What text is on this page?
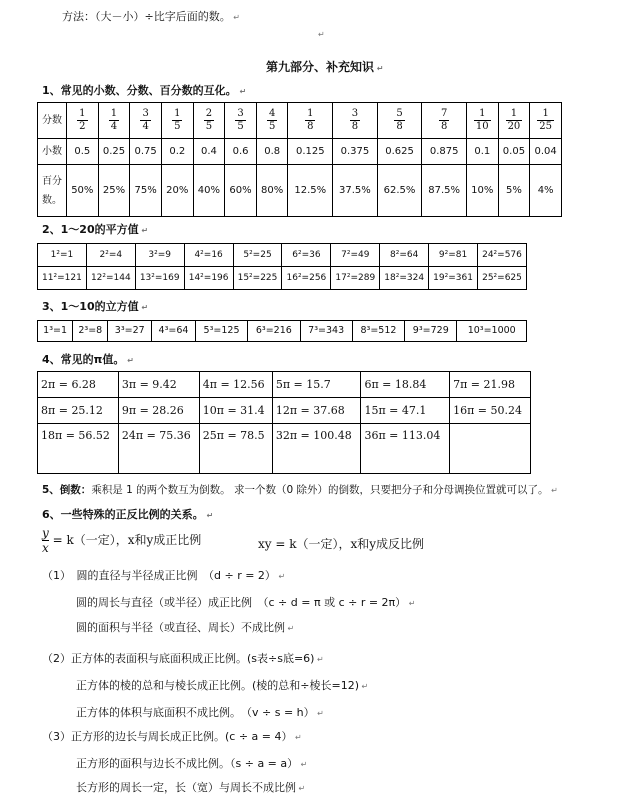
方法：（大－小）÷比字后面的数。 ↵
↵
第九部分、补充知识 ↵
1、常见的小数、分数、百分数的互化。 ↵
分数	$\frac{1}{2}$	$\frac{1}{4}$	$\frac{3}{4}$	$\frac{1}{5}$	$\frac{2}{5}$	$\frac{3}{5}$	$\frac{4}{5}$	$\frac{1}{8}$	$\frac{3}{8}$	$\frac{5}{8}$	$\frac{7}{8}$	$\frac{1}{10}$	$\frac{1}{20}$	$\frac{1}{25}$

小数	0.5	0.25	0.75	0.2	0.4	0.6	0.8	0.125	0.375	0.625	0.875	0.1	0.05	0.04
百分
数。	50%	25%	75%	20%	40%	60%	80%	12.5%	37.5%	62.5%	87.5%	10%	5%	4%
2、1～20的平方值 ↵
1²=1	2²=4	3²=9	4²=16	5²=25	6²=36	7²=49	8²=64	9²=81	24²=576
11²=121	12²=144	13²=169	14²=196	15²=225	16²=256	17²=289	18²=324	19²=361	25²=625
3、1～10的立方值 ↵
1³=1	2³=8	3³=27	4³=64	5³=125	6³=216	7³=343	8³=512	9³=729	10³=1000
4、常见的π值。 ↵
2π = 6.28	3π = 9.42	4π = 12.56	5π = 15.7	6π = 18.84	7π = 21.98
8π = 25.12	9π = 28.26	10π = 31.4	12π = 37.68	15π = 47.1	16π = 50.24
18π = 56.52	24π = 75.36	25π = 78.5	32π = 100.48	36π = 113.04	
5、倒数：乘积是 1 的两个数互为倒数。 求一个数（0 除外）的倒数，只要把分子和分母调换位置就可以了。 ↵
6、一些特殊的正反比例的关系。 ↵
$\frac{y}{x} = k$（一定），x和y成正比例	xy = k（一定），x和y成反比例
（1）　圆的直径与半径成正比例　（d ÷ r = 2） ↵
圆的周长与直径（或半径）成正比例　（c ÷ d = π 或 c ÷ r = 2π） ↵
圆的面积与半径（或直径、周长）不成比例 ↵
（2）正方体的表面积与底面积成正比例。(s表÷s底=6) ↵
正方体的棱的总和与棱长成正比例。(棱的总和÷棱长=12) ↵
正方体的体积与底面积不成比例。　（v ÷ s = h） ↵
（3）正方形的边长与周长成正比例。(c ÷ a = 4） ↵
正方形的面积与边长不成比例。（s ÷ a = a） ↵
长方形的周长一定，长（宽）与周长不成比例 ↵
